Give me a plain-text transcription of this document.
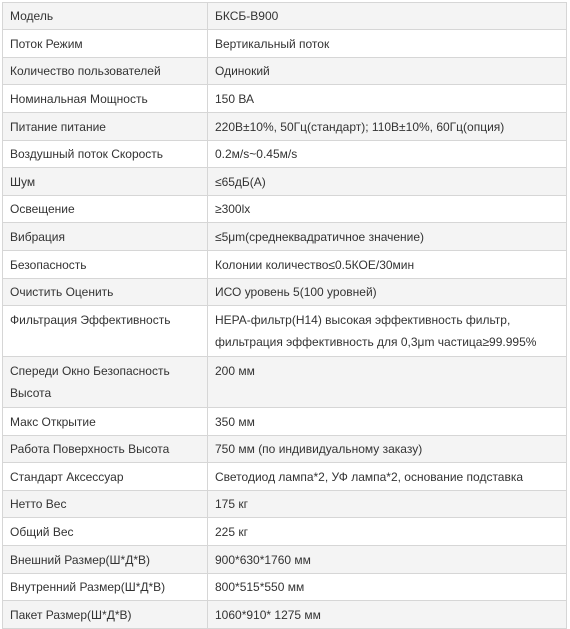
Модель	БКСБ-В900
Поток Режим	Вертикальный поток
Количество пользователей	Одинокий
Номинальная Мощность	150 ВА
Питание питание	220В±10%, 50Гц(стандарт); 110В±10%, 60Гц(опция)
Воздушный поток Скорость	0.2м/s~0.45м/s
Шум	≤65дБ(A)
Освещение	≥300lx
Вибрация	≤5μm(среднеквадратичное значение)
Безопасность	Колонии количество≤0.5КОЕ/30мин
Очистить Оценить	ИСО уровень 5(100 уровней)
Фильтрация Эффективность	HEPA-фильтр(H14) высокая эффективность фильтр, фильтрация эффективность для 0,3μm частица≥99.995%
Спереди Окно Безопасность Высота	200 мм
Макс Открытие	350 мм
Работа Поверхность Высота	750 мм (по индивидуальному заказу)
Стандарт Аксессуар	Светодиод лампа*2, УФ лампа*2, основание подставка
Нетто Вес	175 кг
Общий Вес	225 кг
Внешний Размер(Ш*Д*В)	900*630*1760 мм
Внутренний Размер(Ш*Д*В)	800*515*550 мм
Пакет Размер(Ш*Д*В)	1060*910* 1275 мм
